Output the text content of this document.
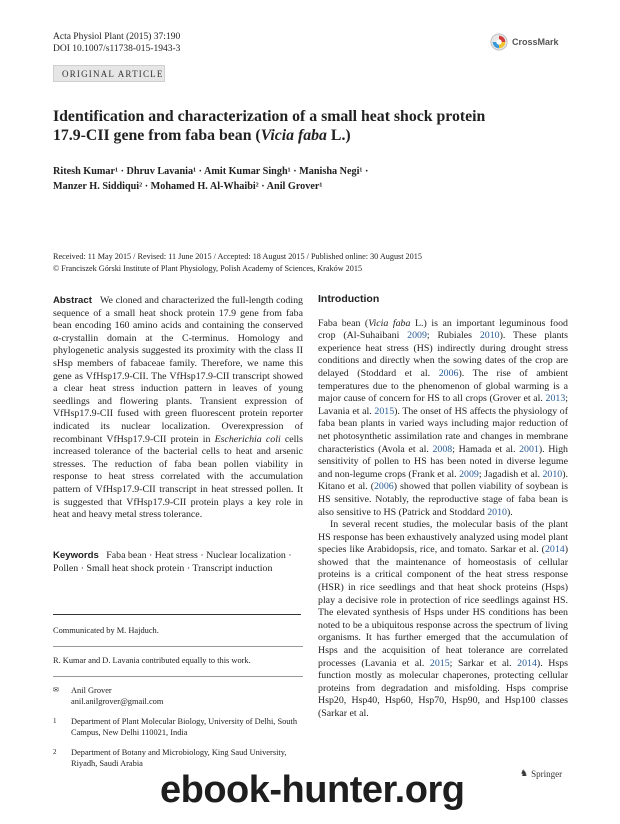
Acta Physiol Plant (2015) 37:190
DOI 10.1007/s11738-015-1943-3
CrossMark
ORIGINAL ARTICLE
Identification and characterization of a small heat shock protein
17.9-CII gene from faba bean (Vicia faba L.)
Ritesh Kumar¹ · Dhruv Lavania¹ · Amit Kumar Singh¹ · Manisha Negi¹ ·
Manzer H. Siddiqui² · Mohamed H. Al-Whaibi² · Anil Grover¹
Received: 11 May 2015 / Revised: 11 June 2015 / Accepted: 18 August 2015 / Published online: 30 August 2015
© Franciszek Górski Institute of Plant Physiology, Polish Academy of Sciences, Kraków 2015

Abstract We cloned and characterized the full-length coding sequence of a small heat shock protein 17.9 gene from faba bean encoding 160 amino acids and containing the conserved α-crystallin domain at the C-terminus. Homology and phylogenetic analysis suggested its proximity with the class II sHsp members of fabaceae family. Therefore, we name this gene as VfHsp17.9-CII. The VfHsp17.9-CII transcript showed a clear heat stress induction pattern in leaves of young seedlings and flowering plants. Transient expression of VfHsp17.9-CII fused with green fluorescent protein reporter indicated its nuclear localization. Overexpression of recombinant VfHsp17.9-CII protein in Escherichia coli cells increased tolerance of the bacterial cells to heat and arsenic stresses. The reduction of faba bean pollen viability in response to heat stress correlated with the accumulation pattern of VfHsp17.9-CII transcript in heat stressed pollen. It is suggested that VfHsp17.9-CII protein plays a key role in heat and heavy metal stress tolerance.

Keywords Faba bean · Heat stress · Nuclear localization · Pollen · Small heat shock protein · Transcript induction

Communicated by M. Hajduch.
R. Kumar and D. Lavania contributed equally to this work.
✉	Anil Grover
anil.anilgrover@gmail.com
1	Department of Plant Molecular Biology, University of Delhi, South Campus, New Delhi 110021, India
2	Department of Botany and Microbiology, King Saud University, Riyadh, Saudi Arabia
Introduction

Faba bean (Vicia faba L.) is an important leguminous food crop (Al-Suhaibani 2009; Rubiales 2010). These plants experience heat stress (HS) indirectly during drought stress conditions and directly when the sowing dates of the crop are delayed (Stoddard et al. 2006). The rise of ambient temperatures due to the phenomenon of global warming is a major cause of concern for HS to all crops (Grover et al. 2013; Lavania et al. 2015). The onset of HS affects the physiology of faba bean plants in varied ways including major reduction of net photosynthetic assimilation rate and changes in membrane characteristics (Avola et al. 2008; Hamada et al. 2001). High sensitivity of pollen to HS has been noted in diverse legume and non-legume crops (Frank et al. 2009; Jagadish et al. 2010). Kitano et al. (2006) showed that pollen viability of soybean is HS sensitive. Notably, the reproductive stage of faba bean is also sensitive to HS (Patrick and Stoddard 2010).

In several recent studies, the molecular basis of the plant HS response has been exhaustively analyzed using model plant species like Arabidopsis, rice, and tomato. Sarkar et al. (2014) showed that the maintenance of homeostasis of cellular proteins is a critical component of the heat stress response (HSR) in rice seedlings and that heat shock proteins (Hsps) play a decisive role in protection of rice seedlings against HS. The elevated synthesis of Hsps under HS conditions has been noted to be a ubiquitous response across the spectrum of living organisms. It has further emerged that the accumulation of Hsps and the acquisition of heat tolerance are correlated processes (Lavania et al. 2015; Sarkar et al. 2014). Hsps function mostly as molecular chaperones, protecting cellular proteins from degradation and misfolding. Hsps comprise Hsp20, Hsp40, Hsp60, Hsp70, Hsp90, and Hsp100 classes (Sarkar et al.

♞ Springer
ebook-hunter.org
